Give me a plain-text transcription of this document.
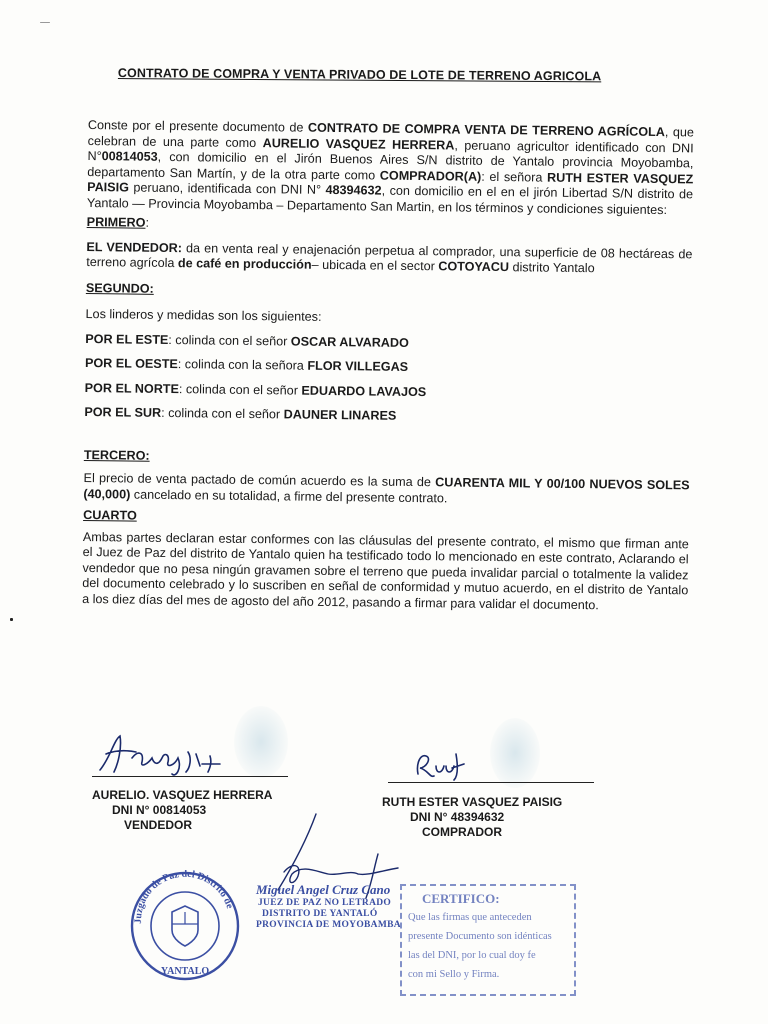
CONTRATO DE COMPRA Y VENTA PRIVADO DE LOTE DE TERRENO AGRICOLA

Conste por el presente documento de CONTRATO DE COMPRA VENTA DE TERRENO AGRÍCOLA, que celebran de una parte como AURELIO VASQUEZ HERRERA, peruano agricultor identificado con DNI N°00814053, con domicilio en el Jirón Buenos Aires S/N distrito de Yantalo provincia Moyobamba, departamento San Martín, y de la otra parte como COMPRADOR(A): el señora RUTH ESTER VASQUEZ PAISIG peruano, identificada con DNI N° 48394632, con domicilio en el en el jirón Libertad S/N distrito de Yantalo — Provincia Moyobamba – Departamento San Martin, en los términos y condiciones siguientes:

PRIMERO:

EL VENDEDOR: da en venta real y enajenación perpetua al comprador, una superficie de 08 hectáreas de terreno agrícola de café en producción– ubicada en el sector COTOYACU distrito Yantalo

SEGUNDO:

Los linderos y medidas son los siguientes:

POR EL ESTE: colinda con el señor OSCAR ALVARADO

POR EL OESTE: colinda con la señora FLOR VILLEGAS

POR EL NORTE: colinda con el señor EDUARDO LAVAJOS

POR EL SUR: colinda con el señor DAUNER LINARES

TERCERO:

El precio de venta pactado de común acuerdo es la suma de CUARENTA MIL Y 00/100 NUEVOS SOLES (40,000) cancelado en su totalidad, a firme del presente contrato.

CUARTO

Ambas partes declaran estar conformes con las cláusulas del presente contrato, el mismo que firman ante el Juez de Paz del distrito de Yantalo quien ha testificado todo lo mencionado en este contrato, Aclarando el vendedor que no pesa ningún gravamen sobre el terreno que pueda invalidar parcial o totalmente la validez del documento celebrado y lo suscriben en señal de conformidad y mutuo acuerdo, en el distrito de Yantalo a los diez días del mes de agosto del año 2012, pasando a firmar para validar el documento.

AURELIO. VASQUEZ HERRERA
DNI N° 00814053
VENDEDOR
RUTH ESTER VASQUEZ PAISIG
DNI N° 48394632
COMPRADOR
Juzgado de Paz del Distrito de
YANTALO
Miguel Angel Cruz Cano
JUEZ DE PAZ NO LETRADO
DISTRITO DE YANTALÓ
PROVINCIA DE MOYOBAMBA
CERTIFICO:
Que las firmas que anteceden
presente Documento son idénticas
las del DNI, por lo cual doy fe
con mi Sello y Firma.
